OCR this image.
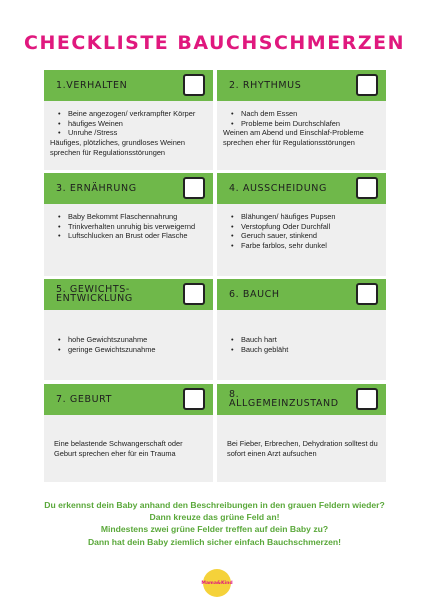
CHECKLISTE BAUCHSCHMERZEN
1.VERHALTEN
• Beine angezogen/ verkrampfter Körper
• häufiges Weinen
• Unruhe /Stress
Häufiges, plötzliches, grundloses Weinen sprechen für Regulationsstörungen
2. RHYTHMUS
• Nach dem Essen
• Probleme beim Durchschlafen
Weinen am Abend und Einschlaf-Probleme sprechen eher für Regulationsstörungen
3. ERNÄHRUNG
• Baby Bekommt Flaschennahrung
• Trinkverhalten unruhig bis verweigernd
• Luftschlucken an Brust oder Flasche
4. AUSSCHEIDUNG
• Blähungen/ häufiges Pupsen
• Verstopfung Oder Durchfall
• Geruch sauer, stinkend
• Farbe farblos, sehr dunkel
5. GEWICHTS-ENTWICKLUNG
• hohe Gewichtszunahme
• geringe Gewichtszunahme
6. BAUCH
• Bauch hart
• Bauch gebläht
7. GEBURT
Eine belastende Schwangerschaft oder Geburt sprechen eher für ein Trauma
8. ALLGEMEINZUSTAND
Bei Fieber, Erbrechen, Dehydration solltest du sofort einen Arzt aufsuchen
Du erkennst dein Baby anhand den Beschreibungen in den grauen Feldern wieder?
Dann kreuze das grüne Feld an!
Mindestens zwei grüne Felder treffen auf dein Baby zu?
Dann hat dein Baby ziemlich sicher einfach Bauchschmerzen!
Mama&Kind
